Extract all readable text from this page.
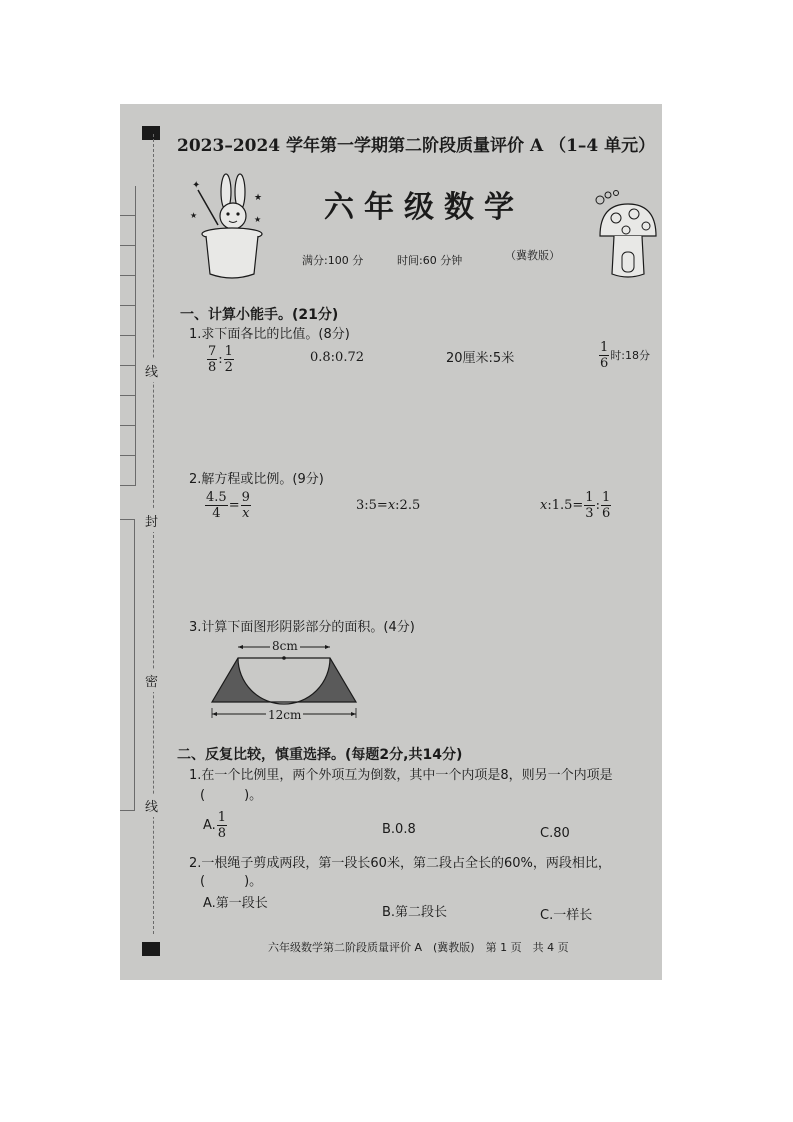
线
封
密
线
2023–2024 学年第一学期第二阶段质量评价 A （1–4 单元）
✦
★
★
★	六年级数学
满分:100 分	时间:60 分钟	（冀教版）
一、计算小能手。(21分)
1.求下面各比的比值。(8分)
$\frac{7}{8}$ : $\frac{1}{2}$	0.8:0.72	20厘米:5米	$\frac{1}{6}$ 时:18分
2.解方程或比例。(9分)
$\frac{4.5}{4} = \frac{9}{x}$	3:5=x:2.5	x:1.5= $\frac{1}{3}$ : $\frac{1}{6}$
3.计算下面图形阴影部分的面积。(4分)
8cm
12cm
二、反复比较，慎重选择。(每题2分,共14分)
1.在一个比例里，两个外项互为倒数，其中一个内项是8，则另一个内项是
(　　　)。
A. $\frac{1}{8}$	B.0.8	C.80
2.一根绳子剪成两段，第一段长60米，第二段占全长的60%，两段相比，
(　　　)。
A.第一段长
B.第二段长	C.一样长
六年级数学第二阶段质量评价 A　(冀教版)　第 1 页　共 4 页
